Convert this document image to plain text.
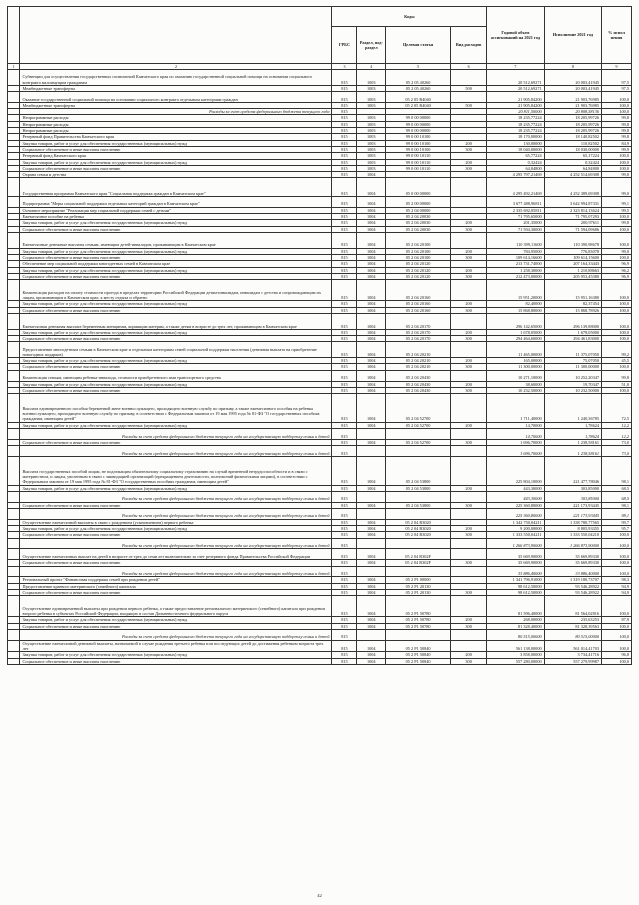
		Коды				Годовой объем ассигнований на 2021 год	Исполнение 2021 год	% испол нения
		ГРБС	Раздел, под-раздел	Целевая статья	Вид расходов			
1	2	3	4	5	6	7	8	9
	Субвенции для осуществления государственных полномочий Камчатского края по оказанию государственной социальной помощи на основании социального контракта малоимущим гражданам	815	1003	05 2 05 40260		20 512,69271	20 003,41945	97,5
	Межбюджетные трансферты	815	1003	05 2 05 40260	500	20 512,69271	20 003,41945	97,5
	Оказание государственной социальной помощи на основании социального контракта отдельным категориям граждан	815	1003	05 2 05 R4040		21 905,84200	21 903,76985	100,0
	Межбюджетные трансферты	815	1003	05 2 05 R4040	500	21 905,84200	21 903,76985	100,0
	Расходы за счет средств федерального бюджета текущего года	815				20 811,50000	20 808,58136	100,0
	Непрограммные расходы	815	1003	99 0 00 00000		18 235,77224	18 205,99726	99,8
	Непрограммные расходы	815	1003	99 0 00 00000		18 235,77224	18 205,99726	99,8
	Непрограммные расходы	815	1003	99 0 00 00000		18 235,77224	18 205,99726	99,8
	Резервный фонд Правительства Камчатского края	815	1003	99 0 00 10100		18 170,00000	18 140,82502	99,8
	Закупка товаров, работ и услуг для обеспечения государственных (муниципальных) нужд	815	1003	99 0 00 10100	200	130,00000	110,82502	84,9
	Социальное обеспечение и иные выплаты населению	815	1003	99 0 00 10100	300	18 040,00000	18 030,00000	99,9
	Резервный фонд Камчатского края	815	1003	99 0 00 10110		65,77224	65,17224	100,0
	Закупка товаров, работ и услуг для обеспечения государственных (муниципальных) нужд	815	1003	99 0 00 10110	200	0,32424	0,32424	100,0
	Социальное обеспечение и иные выплаты населению	815	1003	99 0 00 10110	300	64,84800	64,84800	100,0
	Охрана семьи и детства	815	1004			4 295 797,21469	4 252 514,69308	99,0
	Государственная программа Камчатского края "Социальная поддержка граждан в Камчатском крае"	815	1004	05 0 00 00000		4 295 492,21469	4 252 389,69308	99,0
	Подпрограмма "Меры социальной поддержки отдельных категорий граждан в Камчатском крае"	815	1004	05 2 00 00000		3 677 488,96811	3 642 994,87331	99,1
	Основное мероприятие "Реализация мер социальной поддержки семей с детьми"	815	1004	05 2 04 00000		2 335 692,05811	2 323 814,13624	99,5
	Ежемесячное пособие на ребенка	815	1004	05 2 04 20030		71 795,65000	71 795,07293	100,0
	Закупка товаров, работ и услуг для обеспечения государственных (муниципальных) нужд	815	1004	05 2 04 20030	200	201,35000	200,97611	99,8
	Социальное обеспечение и иные выплаты населению	815	1004	05 2 04 20030	300	71 594,30000	71 594,09686	100,0
	Ежемесячные денежные выплаты семьям, имеющим детей-инвалидов, проживающим в Камчатском крае	815	1004	05 2 04 20100		110 399,11600	110 390,98678	100,0
	Закупка товаров, работ и услуг для обеспечения государственных (муниципальных) нужд	815	1004	05 2 04 20100	200	784,95000	776,83078	99,0
	Социальное обеспечение и иные выплаты населению	815	1004	05 2 04 20100	300	109 614,16600	109 614,15600	100,0
	Обеспечение мер социальной поддержки многодетных семей в Камчатском крае	815	1004	05 2 04 20120		213 731,74000	207 164,33443	96,9
	Закупка товаров, работ и услуг для обеспечения государственных (муниципальных) нужд	815	1004	05 2 04 20120	200	1 258,30000	1 210,88663	96,2
	Социальное обеспечение и иные выплаты населению	815	1004	05 2 04 20120	300	212 473,00000	205 953,45380	96,9
	Компенсация расходов на оплату стоимости проезда в пределах территории Российской Федерации детям-инвалидам, инвалидам с детства и сопровождающим их лицам, проживающим в Камчатском крае, к месту отдыха и обратно	815	1004	05 2 04 20160		15 951,20000	15 951,16380	100,0
	Закупка товаров, работ и услуг для обеспечения государственных (муниципальных) нужд	815	1004	05 2 04 20160	200	82,40000	82,37454	100,0
	Социальное обеспечение и иные выплаты населению	815	1004	05 2 04 20160	300	15 868,80000	15 868,78926	100,0
	Ежемесячная денежная выплата беременным женщинам, кормящим матерям, а также детям в возрасте до трех лет, проживающим в Камчатском крае	815	1004	05 2 04 20170		296 142,65000	296 139,88000	100,0
	Закупка товаров, работ и услуг для обеспечения государственных (муниципальных) нужд	815	1004	05 2 04 20170	200	1 678,05000	1 678,05000	100,0
	Социальное обеспечение и иные выплаты населению	815	1004	05 2 04 20170	300	294 464,60000	294 461,83000	100,0
	Предоставление многодетным семьям в Камчатском крае и отдельным категориям семей социальной поддержки населения (денежная выплата на приобретение новогодних подарков)	815	1004	05 2 04 20210		11 465,00000	11 375,07050	99,2
	Закупка товаров, работ и услуг для обеспечения государственных (муниципальных) нужд	815	1004	05 2 04 20210	200	165,00000	75,07050	45,5
	Социальное обеспечение и иные выплаты населению	815	1004	05 2 04 20210	300	11 300,00000	11 300,00000	100,0
	Компенсация семьям, имеющим ребенка-инвалида, стоимости приобретенного ими транспортного средства	815	1004	05 2 04 20430		10 271,10000	10 252,20347	99,8
	Закупка товаров, работ и услуг для обеспечения государственных (муниципальных) нужд	815	1004	05 2 04 20430	200	38,60000	19,70347	51,0
	Социальное обеспечение и иные выплаты населению	815	1004	05 2 04 20430	300	10 232,50000	10 232,50000	100,0
	Выплата единовременного пособия беременной жене военнослужащего, проходящего военную службу по призыву, а также ежемесячного пособия на ребенка военнослужащего, проходящего военную службу по призыву, в соответствии с Федеральным законом от 19 мая 1995 года № 81-ФЗ "О государственных пособиях гражданам, имеющим детей"	815	1004	05 2 04 52700		1 711,40000	1 240,36785	72,5
	Закупка товаров, работ и услуг для обеспечения государственных (муниципальных) нужд	815	1004	05 2 04 52700	200	14,70000	1,78624	12,2
	Расходы за счет средств федерального бюджета текущего года на государственную поддержку семьи и детей	815				14,70000	1,78624	12,2
	Социальное обеспечение и иные выплаты населению	815	1004	05 2 04 52700	300	1 696,70000	1 238,58161	73,0
	Расходы за счет средств федерального бюджета текущего года на государственную поддержку семьи и детей	815				1 696,70000	1 238,58161	73,0
	Выплата государственных пособий лицам, не подлежащим обязательному социальному страхованию на случай временной нетрудоспособности и в связи с материнством, и лицам, уволенным в связи с ликвидацией организаций (прекращением деятельности, полномочий физическими лицами), в соответствии с Федеральным законом от 19 мая 1995 года № 81-ФЗ "О государственных пособиях гражданам, имеющим детей"	815	1004	05 2 04 53800		225 804,10000	221 477,78046	98,1
	Закупка товаров, работ и услуг для обеспечения государственных (муниципальных) нужд	815	1004	05 2 04 53800	200	443,30000	303,85000	68,5
	Расходы за счет средств федерального бюджета текущего года на государственную поддержку семьи и детей	815				443,30000	303,85000	68,5
	Социальное обеспечение и иные выплаты населению	815	1004	05 2 04 53800	300	225 360,80000	221 173,93445	98,1
	Расходы за счет средств федерального бюджета текущего года на государственную поддержку семьи и детей	815				225 360,80000	221 173,93445	98,1
	Осуществление ежемесячной выплаты в связи с рождением (усыновлением) первого ребенка	815	1004	05 2 04 R3020		1 342 750,04211	1 338 780,77565	99,7
	Закупка товаров, работ и услуг для обеспечения государственных (муниципальных) нужд	815	1004	05 2 04 R3020	200	9 200,00000	8 805,93355	95,7
	Социальное обеспечение и иные выплаты населению	815	1004	05 2 04 R3020	300	1 333 550,04211	1 333 550,04210	100,0
	Расходы за счет средств федерального бюджета текущего года на государственную поддержку семьи и детей	815				1 266 873,90000	1 266 873,90000	100,0
	Осуществление ежемесячных выплат на детей в возрасте от трех до семи лет включительно за счет резервного фонда Правительства Российской Федерации	815	1004	05 2 04 R302F		35 669,90000	35 669,89330	100,0
	Социальное обеспечение и иные выплаты населению	815	1004	05 2 04 R302F	300	35 669,90000	35 669,89330	100,0
	Расходы за счет средств федерального бюджета текущего года на государственную поддержку семьи и детей	815				33 886,40000	33 886,40000	100,0
	Региональный проект "Финансовая поддержка семей при рождении детей"	815	1004	05 2 P1 00000		1 341 796,91000	1 319 180,73707	98,3
	Предоставление краевого материнского (семейного) капитала	815	1004	05 2 P1 20130		98 612,50000	93 546,28922	94,9
	Социальное обеспечение и иные выплаты населению	815	1004	05 2 P1 20130	300	98 612,50000	93 546,28922	94,9
	Осуществление единовременной выплаты при рождении первого ребенка, а также предоставление регионального материнского (семейного) капитала при рождении второго ребенка в субъектах Российской Федерации, входящих в состав Дальневосточного федерального округа	815	1004	05 2 P1 50780		81 596,40000	81 564,02816	100,0
	Закупка товаров, работ и услуг для обеспечения государственных (муниципальных) нужд	815	1004	05 2 P1 50780	200	268,00000	235,63253	87,9
	Социальное обеспечение и иные выплаты населению	815	1004	05 2 P1 50780	300	81 328,40000	81 328,39563	100,0
	Расходы за счет средств федерального бюджета текущего года на государственную поддержку семьи и детей	815				80 515,00000	80 515,00000	100,0
	Осуществление ежемесячной денежной выплаты, назначаемой в случае рождения третьего ребенка или последующих детей до достижения ребенком возраста трех лет	815	1004	05 2 P1 50840		561 138,00000	561 014,41703	100,0
	Закупка товаров, работ и услуг для обеспечения государственных (муниципальных) нужд	815	1004	05 2 P1 50840	200	3 858,00000	3 734,41716	96,8
	Социальное обеспечение и иные выплаты населению	815	1004	05 2 P1 50840	300	557 280,00000	557 279,99987	100,0
42
